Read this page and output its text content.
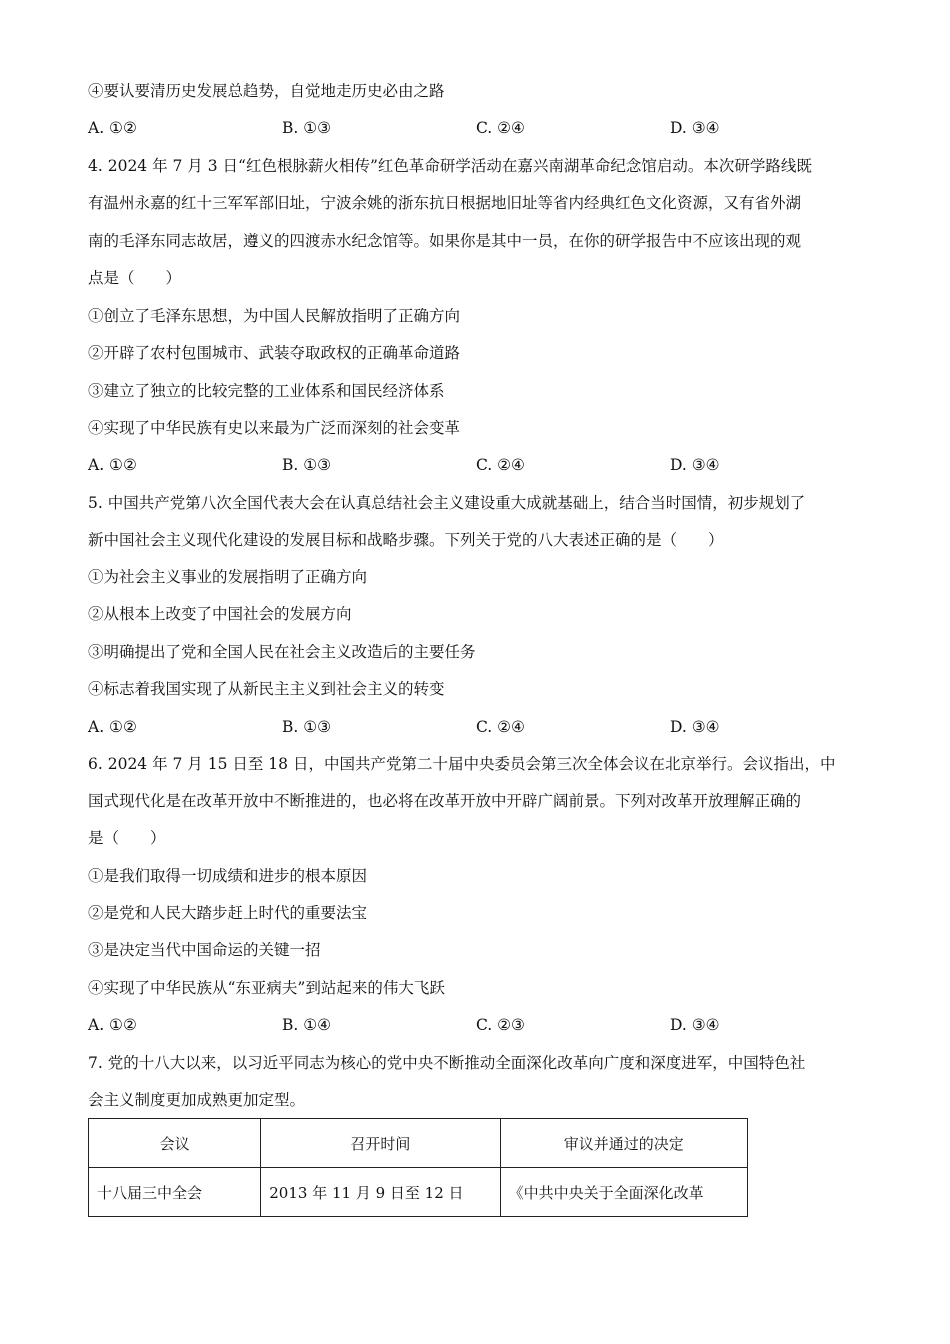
④要认要清历史发展总趋势，自觉地走历史必由之路
A. ①②	B. ①③	C. ②④	D. ③④
4. 2024 年 7 月 3 日“红色根脉薪火相传”红色革命研学活动在嘉兴南湖革命纪念馆启动。本次研学路线既
有温州永嘉的红十三军军部旧址，宁波余姚的浙东抗日根据地旧址等省内经典红色文化资源，又有省外湖
南的毛泽东同志故居，遵义的四渡赤水纪念馆等。如果你是其中一员，在你的研学报告中不应该出现的观
点是（　　）
①创立了毛泽东思想，为中国人民解放指明了正确方向
②开辟了农村包围城市、武装夺取政权的正确革命道路
③建立了独立的比较完整的工业体系和国民经济体系
④实现了中华民族有史以来最为广泛而深刻的社会变革
A. ①②	B. ①③	C. ②④	D. ③④
5. 中国共产党第八次全国代表大会在认真总结社会主义建设重大成就基础上，结合当时国情，初步规划了
新中国社会主义现代化建设的发展目标和战略步骤。下列关于党的八大表述正确的是（　　）
①为社会主义事业的发展指明了正确方向
②从根本上改变了中国社会的发展方向
③明确提出了党和全国人民在社会主义改造后的主要任务
④标志着我国实现了从新民主主义到社会主义的转变
A. ①②	B. ①③	C. ②④	D. ③④
6. 2024 年 7 月 15 日至 18 日，中国共产党第二十届中央委员会第三次全体会议在北京举行。会议指出，中
国式现代化是在改革开放中不断推进的，也必将在改革开放中开辟广阔前景。下列对改革开放理解正确的
是（　　）
①是我们取得一切成绩和进步的根本原因
②是党和人民大踏步赶上时代的重要法宝
③是决定当代中国命运的关键一招
④实现了中华民族从“东亚病夫”到站起来的伟大飞跃
A. ①②	B. ①④	C. ②③	D. ③④
7. 党的十八大以来，以习近平同志为核心的党中央不断推动全面深化改革向广度和深度进军，中国特色社
会主义制度更加成熟更加定型。
会议	召开时间	审议并通过的决定
十八届三中全会	2013 年 11 月 9 日至 12 日	《中共中央关于全面深化改革
